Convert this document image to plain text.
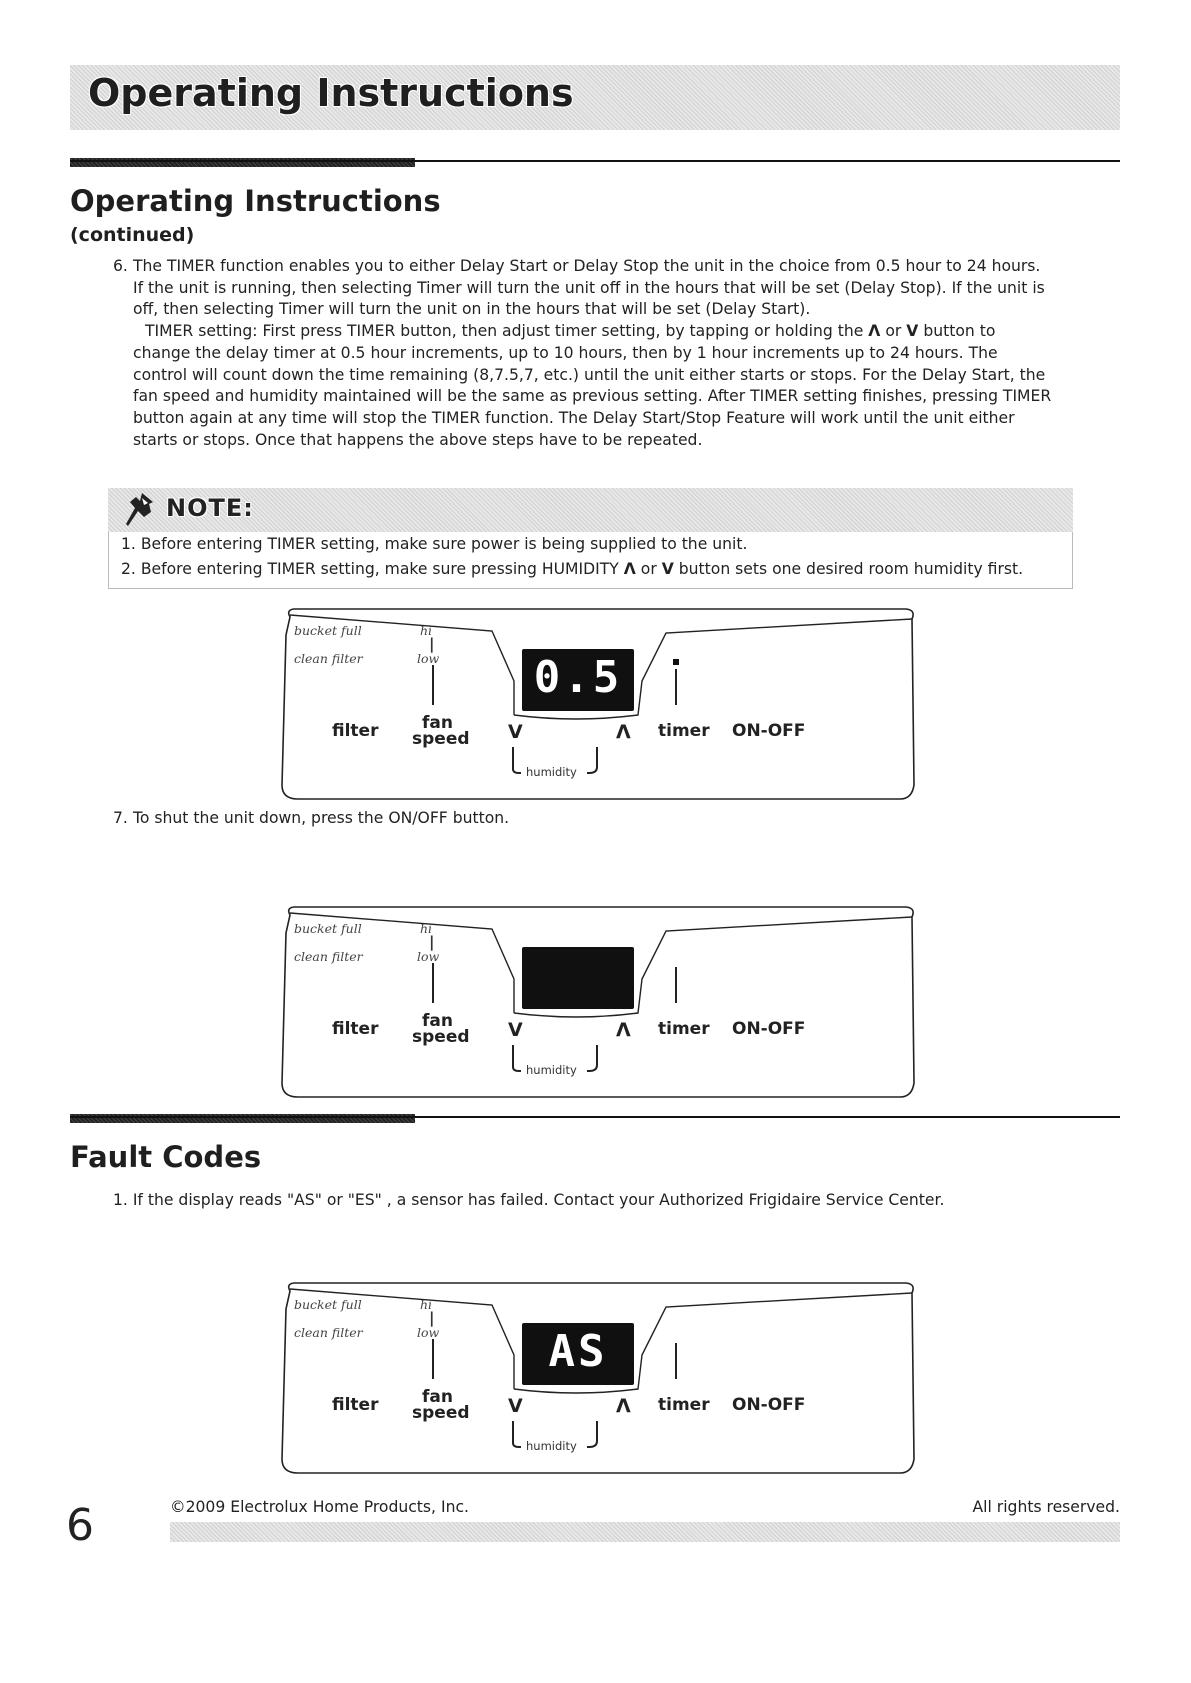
Operating Instructions
Operating Instructions
(continued)
6. The TIMER function enables you to either Delay Start or Delay Stop the unit in the choice from 0.5 hour to 24 hours.

If the unit is running, then selecting Timer will turn the unit off in the hours that will be set (Delay Stop). If the unit is

off, then selecting Timer will turn the unit on in the hours that will be set (Delay Start).

TIMER setting: First press TIMER button, then adjust timer setting, by tapping or holding the Λ or V button to

change the delay timer at 0.5 hour increments, up to 10 hours, then by 1 hour increments up to 24 hours. The

control will count down the time remaining (8,7.5,7, etc.) until the unit either starts or stops. For the Delay Start, the

fan speed and humidity maintained will be the same as previous setting. After TIMER setting finishes, pressing TIMER

button again at any time will stop the TIMER function. The Delay Start/Stop Feature will work until the unit either

starts or stops. Once that happens the above steps have to be repeated.

NOTE:
1. Before entering TIMER setting, make sure power is being supplied to the unit.
2. Before entering TIMER setting, make sure pressing HUMIDITY Λ or V button sets one desired room humidity first.
bucket full
clean filter
hi
low
|
0.5
filter	fan
speed V	Λ
humidity
timer ON-OFF
7. To shut the unit down, press the ON/OFF button.

bucket full
clean filter
hi
low
|
filter	fan
speed V	Λ
humidity
timer ON-OFF
Fault Codes

1. If the display reads "AS" or "ES" , a sensor has failed. Contact your Authorized Frigidaire Service Center.

bucket full
clean filter
hi
low
|
AS
filter	fan
speed V	Λ
humidity
timer ON-OFF

6	©2009 Electrolux Home Products, Inc.	All rights reserved.
